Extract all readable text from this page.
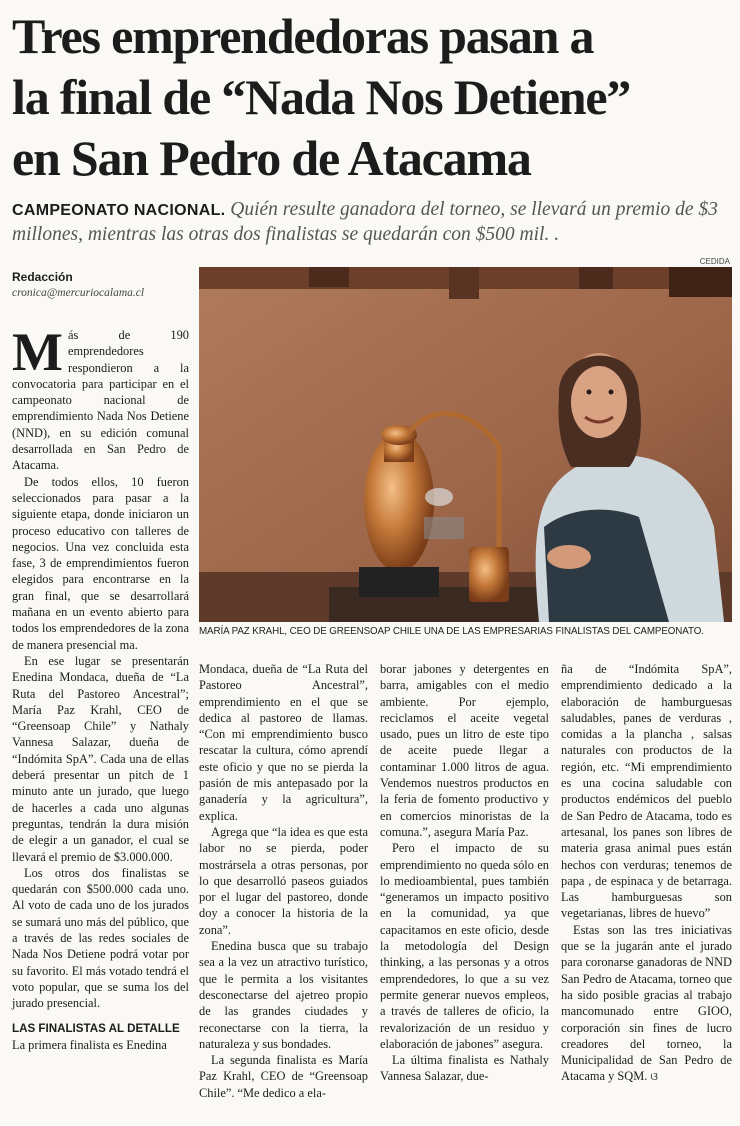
Tres emprendedoras pasan a
la final de “Nada Nos Detiene”
en San Pedro de Atacama
CAMPEONATO NACIONAL. Quién resulte ganadora del torneo, se llevará un premio de $3 millones, mientras las otras dos finalistas se quedarán con $500 mil. .
Redacción
cronica@mercuriocalama.cl
CEDIDA
MARÍA PAZ KRAHL, CEO DE GREENSOAP CHILE UNA DE LAS EMPRESARIAS FINALISTAS DEL CAMPEONATO.

Más de 190 emprendedores respondieron a la convocatoria para participar en el campeonato nacional de emprendimiento Nada Nos Detiene (NND), en su edición comunal desarrollada en San Pedro de Atacama.

De todos ellos, 10 fueron seleccionados para pasar a la siguiente etapa, donde iniciaron un proceso educativo con talleres de negocios. Una vez concluida esta fase, 3 de emprendimientos fueron elegidos para encontrarse en la gran final, que se desarrollará mañana en un evento abierto para todos los emprendedores de la zona de manera presencial ma.

En ese lugar se presentarán Enedina Mondaca, dueña de “La Ruta del Pastoreo Ancestral”; María Paz Krahl, CEO de “Greensoap Chile” y Nathaly Vannesa Salazar, dueña de “Indómita SpA”. Cada una de ellas deberá presentar un pitch de 1 minuto ante un jurado, que luego de hacerles a cada uno algunas preguntas, tendrán la dura misión de elegir a un ganador, el cual se llevará el premio de $3.000.000.

Los otros dos finalistas se quedarán con $500.000 cada uno. Al voto de cada uno de los jurados se sumará uno más del público, que a través de las redes sociales de Nada Nos Detiene podrá votar por su favorito. El más votado tendrá el voto popular, que se suma los del jurado presencial.

LAS FINALISTAS AL DETALLE

La primera finalista es Enedina

Mondaca, dueña de “La Ruta del Pastoreo Ancestral”, emprendimiento en el que se dedica al pastoreo de llamas. “Con mi emprendimiento busco rescatar la cultura, cómo aprendí este oficio y que no se pierda la pasión de mis antepasado por la ganadería y la agricultura”, explica.

Agrega que “la idea es que esta labor no se pierda, poder mostrársela a otras personas, por lo que desarrolló paseos guiados por el lugar del pastoreo, donde doy a conocer la historia de la zona”.

Enedina busca que su trabajo sea a la vez un atractivo turístico, que le permita a los visitantes desconectarse del ajetreo propio de las grandes ciudades y reconectarse con la tierra, la naturaleza y sus bondades.

La segunda finalista es María Paz Krahl, CEO de “Greensoap Chile”. “Me dedico a ela-

borar jabones y detergentes en barra, amigables con el medio ambiente. Por ejemplo, reciclamos el aceite vegetal usado, pues un litro de este tipo de aceite puede llegar a contaminar 1.000 litros de agua. Vendemos nuestros productos en la feria de fomento productivo y en comercios minoristas de la comuna.”, asegura María Paz.

Pero el impacto de su emprendimiento no queda sólo en lo medioambiental, pues también “generamos un impacto positivo en la comunidad, ya que capacitamos en este oficio, desde la metodología del Design thinking, a las personas y a otros emprendedores, lo que a su vez permite generar nuevos empleos, a través de talleres de oficio, la revalorización de un residuo y elaboración de jabones” asegura.

La última finalista es Nathaly Vannesa Salazar, due-

ña de “Indómita SpA”, emprendimiento dedicado a la elaboración de hamburguesas saludables, panes de verduras , comidas a la plancha , salsas naturales con productos de la región, etc. “Mi emprendimiento es una cocina saludable con productos endémicos del pueblo de San Pedro de Atacama, todo es artesanal, los panes son libres de materia grasa animal pues están hechos con verduras; tenemos de papa , de espinaca y de betarraga. Las hamburguesas son vegetarianas, libres de huevo”

Estas son las tres iniciativas que se la jugarán ante el jurado para coronarse ganadoras de NND San Pedro de Atacama, torneo que ha sido posible gracias al trabajo mancomunado entre GIOO, corporación sin fines de lucro creadores del torneo, la Municipalidad de San Pedro de Atacama y SQM. ଓ
